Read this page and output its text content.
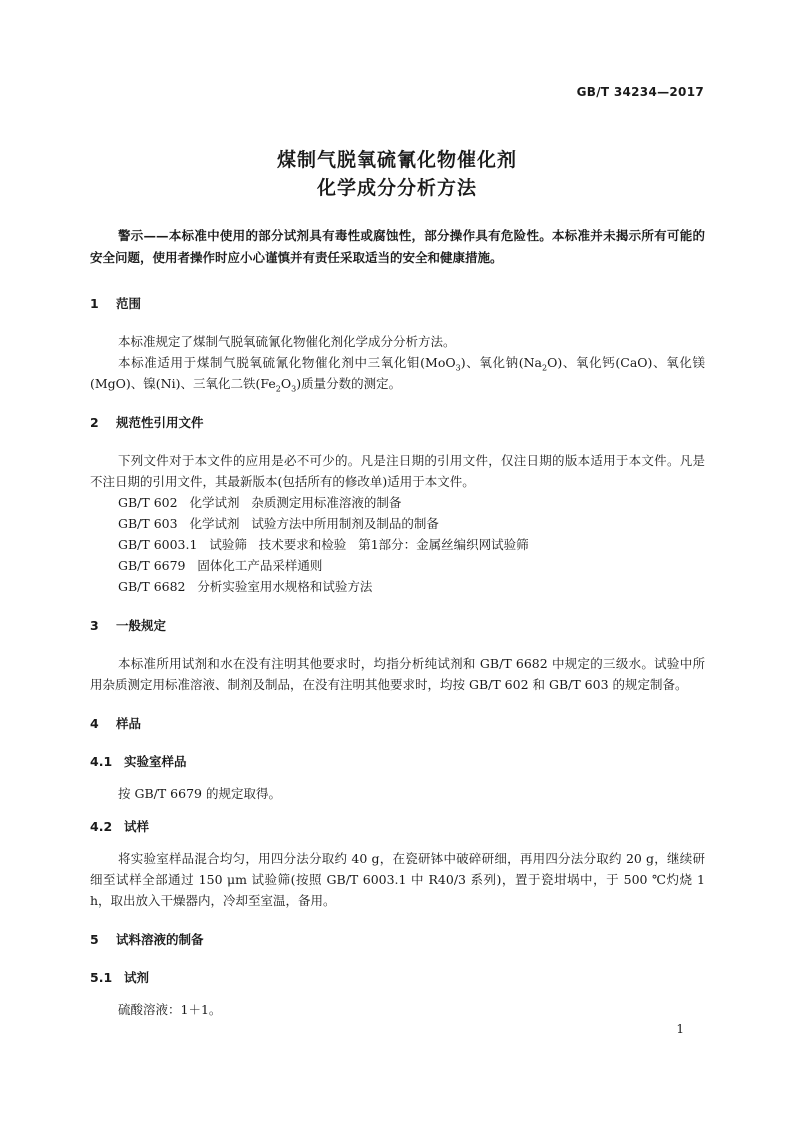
GB/T 34234—2017
煤制气脱氧硫氰化物催化剂
化学成分分析方法

警示——本标准中使用的部分试剂具有毒性或腐蚀性，部分操作具有危险性。本标准并未揭示所有可能的安全问题，使用者操作时应小心谨慎并有责任采取适当的安全和健康措施。

1 范围

本标准规定了煤制气脱氧硫氰化物催化剂化学成分分析方法。

本标准适用于煤制气脱氧硫氰化物催化剂中三氧化钼(MoO$_3$)、氧化钠$(Na_2O)$、氧化钙(CaO)、氧化镁(MgO)、镍(Ni)、三氧化二铁$(Fe_2O_3)$质量分数的测定。

2 规范性引用文件

下列文件对于本文件的应用是必不可少的。凡是注日期的引用文件，仅注日期的版本适用于本文件。凡是不注日期的引用文件，其最新版本(包括所有的修改单)适用于本文件。

GB/T 602   化学试剂   杂质测定用标准溶液的制备
GB/T 603   化学试剂   试验方法中所用制剂及制品的制备
GB/T 6003.1   试验筛   技术要求和检验   第1部分：金属丝编织网试验筛
GB/T 6679   固体化工产品采样通则
GB/T 6682   分析实验室用水规格和试验方法
3 一般规定

本标准所用试剂和水在没有注明其他要求时，均指分析纯试剂和 GB/T 6682 中规定的三级水。试验中所用杂质测定用标准溶液、制剂及制品，在没有注明其他要求时，均按 GB/T 602 和 GB/T 603 的规定制备。

4 样品
4.1 实验室样品

按 GB/T 6679 的规定取得。

4.2 试样

将实验室样品混合均匀，用四分法分取约 40 g，在瓷研钵中破碎研细，再用四分法分取约 20 g，继续研细至试样全部通过 150 μm 试验筛(按照 GB/T 6003.1 中 R40/3 系列)，置于瓷坩埚中，于 500 ℃灼烧 1 h，取出放入干燥器内，冷却至室温，备用。

5 试料溶液的制备
5.1 试剂

硫酸溶液：1＋1。

1
